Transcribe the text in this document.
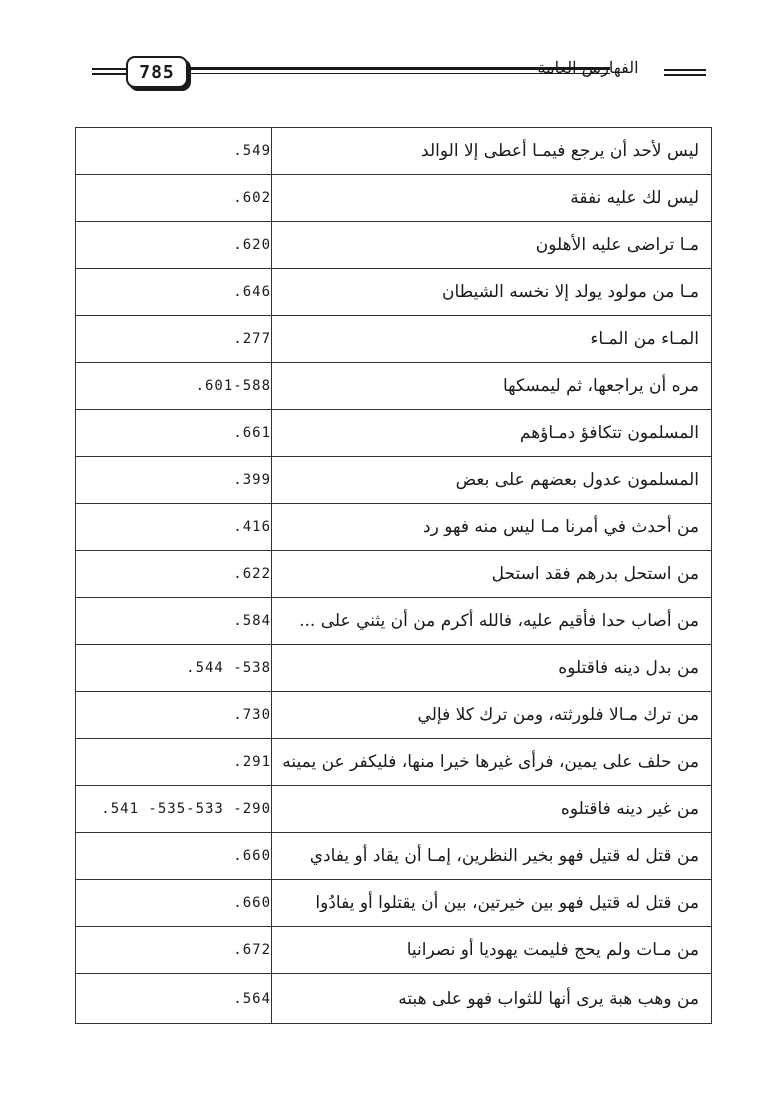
785	الفهارس العامة
ليس لأحد أن يرجع فيمـا أعطى إلا الوالد
.549
ليس لك عليه نفقة
.602
مـا تراضى عليه الأهلون
.620
مـا من مولود يولد إلا نخسه الشيطان
.646
المـاء من المـاء
.277
مره أن يراجعها، ثم ليمسكها
.601-588
المسلمون تتكافؤ دمـاؤهم
.661
المسلمون عدول بعضهم على بعض
.399
من أحدث في أمرنا مـا ليس منه فهو رد
.416
من استحل بدرهم فقد استحل
.622
من أصاب حدا فأقيم عليه، فالله أكرم من أن يثني على ...
.584
من بدل دينه فاقتلوه
.544 -538
من ترك مـالا فلورثته، ومن ترك كلا فإلي
.730
من حلف على يمين، فرأى غيرها خيرا منها، فليكفر عن يمينه
.291
من غير دينه فاقتلوه
.541 -535-533 -290
من قتل له قتيل فهو بخير النظرين، إمـا أن يقاد أو يفادي
.660
من قتل له قتيل فهو بين خيرتين، بين أن يقتلوا أو يفادُوا
.660
من مـات ولم يحج فليمت يهوديا أو نصرانيا
.672
من وهب هبة يرى أنها للثواب فهو على هبته
.564
